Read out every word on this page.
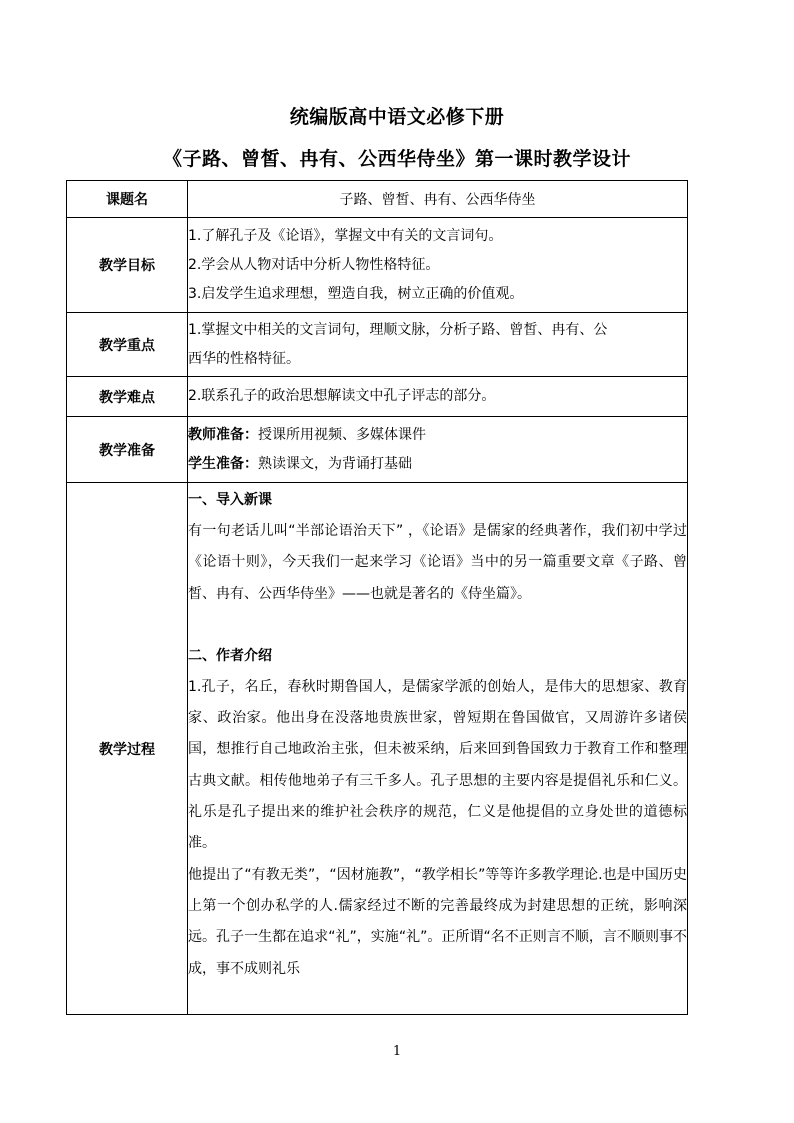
统编版高中语文必修下册
《子路、曾皙、冉有、公西华侍坐》第一课时教学设计
课题名	子路、曾皙、冉有、公西华侍坐
教学目标	1.了解孔子及《论语》，掌握文中有关的文言词句。
2.学会从人物对话中分析人物性格特征。
3.启发学生追求理想，塑造自我，树立正确的价值观。

教学重点	1.掌握文中相关的文言词句，理顺文脉，分析子路、曾皙、冉有、公
西华的性格特征。

教学难点	2.联系孔子的政治思想解读文中孔子评志的部分。

教学准备	教师准备：授课所用视频、多媒体课件
学生准备：熟读课文，为背诵打基础

教学过程	一、导入新课
有一句老话儿叫“半部论语治天下” ，《论语》是儒家的经典著作，我们初中学过《论语十则》，今天我们一起来学习《论语》当中的另一篇重要文章《子路、曾皙、冉有、公西华侍坐》——也就是著名的《侍坐篇》。
二、作者介绍
1.孔子，名丘，春秋时期鲁国人，是儒家学派的创始人，是伟大的思想家、教育家、政治家。他出身在没落地贵族世家，曾短期在鲁国做官，又周游许多诸侯国，想推行自己地政治主张，但未被采纳，后来回到鲁国致力于教育工作和整理古典文献。相传他地弟子有三千多人。孔子思想的主要内容是提倡礼乐和仁义。礼乐是孔子提出来的维护社会秩序的规范，仁义是他提倡的立身处世的道德标准。
他提出了“有教无类”，“因材施教”，“教学相长”等等许多教学理论.也是中国历史上第一个创办私学的人.儒家经过不断的完善最终成为封建思想的正统，影响深远。孔子一生都在追求“礼”，实施“礼”。正所谓“名不正则言不顺，言不顺则事不成，事不成则礼乐
1
